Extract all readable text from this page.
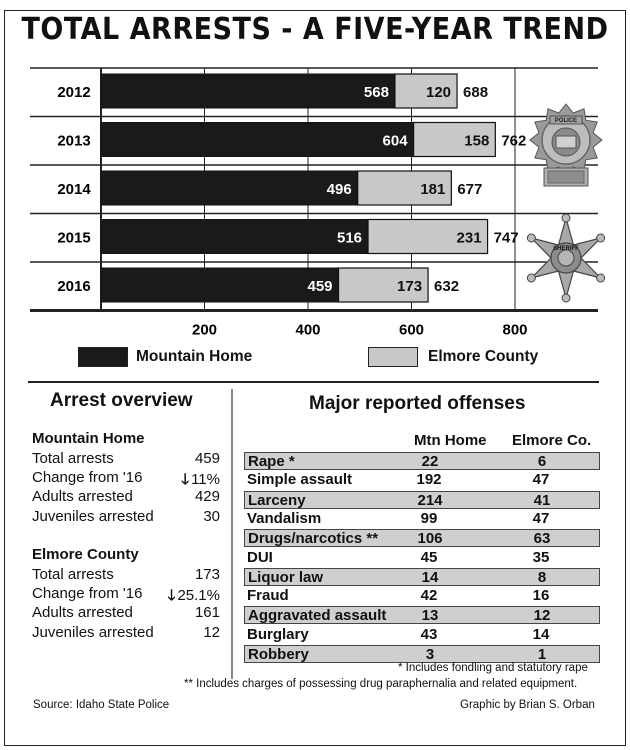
TOTAL ARRESTS - A FIVE-YEAR TREND
2012	568 120 688
2013	604	158 762
2014	496	181 677
2015	516	231 747
2016	459	173 632
200	400	600	800
POLICE
SHERIFF
Mountain Home	Elmore County
Arrest overview
Mountain Home
Total arrests	459
Change from '16	🡓 11%
Adults arrested	429
Juveniles arrested	30
Elmore County
Total arrests	173
Change from '16 🡓 25.1%
Adults arrested	161
Juveniles arrested	12
Major reported offenses
Mtn Home Elmore Co.
Rape *	22	6
Simple assault	192	47
Larceny	214	41
Vandalism	99	47
Drugs/narcotics **	106	63
DUI	45	35
Liquor law	14	8
Fraud	42	16
Aggravated assault	13	12
Burglary	43	14
Robbery	3	1
* Includes fondling and statutory rape
** Includes charges of possessing drug paraphernalia and related equipment.
Source: Idaho State Police	Graphic by Brian S. Orban
